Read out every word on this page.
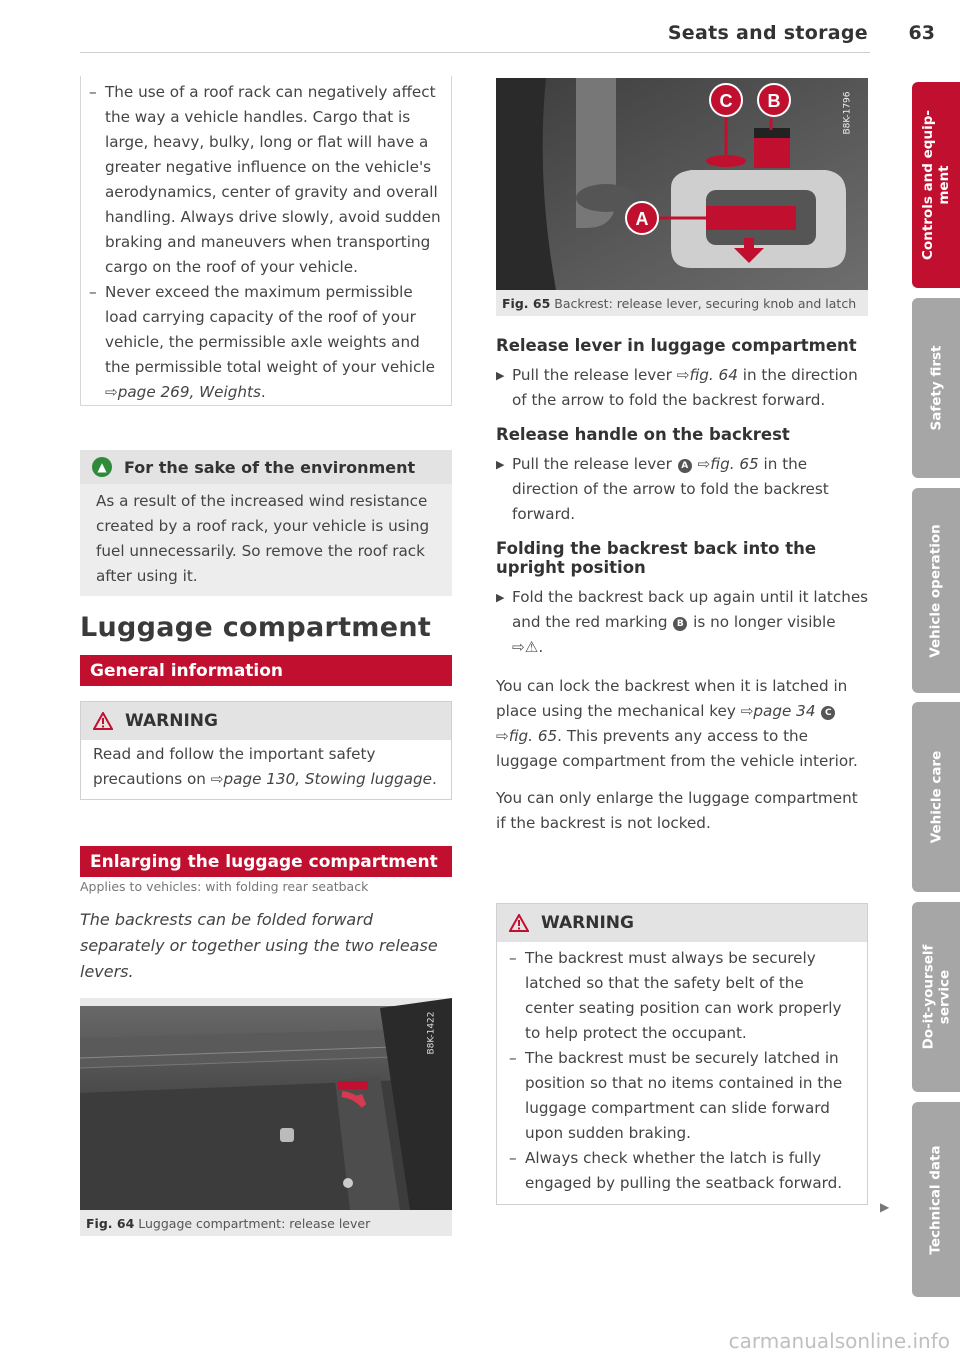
Seats and storage 63
– The use of a roof rack can negatively affect the way a vehicle handles. Cargo that is large, heavy, bulky, long or flat will have a greater negative influence on the vehicle's aerodynamics, center of gravity and overall handling. Always drive slowly, avoid sudden braking and maneuvers when transporting cargo on the roof of your vehicle.
– Never exceed the maximum permissible load carrying capacity of the roof of your vehicle, the permissible axle weights and the permissible total weight of your vehicle ⇨page 269, Weights.
▲ For the sake of the environment
As a result of the increased wind resistance created by a roof rack, your vehicle is using fuel unnecessarily. So remove the roof rack after using it.
Luggage compartment
General information
WARNING
Read and follow the important safety precautions on ⇨page 130, Stowing luggage.
Enlarging the luggage compartment
Applies to vehicles: with folding rear seatback
The backrests can be folded forward separately or together using the two release levers.
B8K-1422
Fig. 64 Luggage compartment: release lever
C B
A
B8K-1796
Fig. 65 Backrest: release lever, securing knob and latch
Release lever in luggage compartment
▶ Pull the release lever ⇨fig. 64 in the direction of the arrow to fold the backrest forward.
Release handle on the backrest
▶ Pull the release lever A ⇨fig. 65 in the direction of the arrow to fold the backrest forward.
Folding the backrest back into the upright position
▶ Fold the backrest back up again until it latches and the red marking B is no longer visible ⇨⚠.
You can lock the backrest when it is latched in place using the mechanical key ⇨page 34 C ⇨fig. 65. This prevents any access to the luggage compartment from the vehicle interior.
You can only enlarge the luggage compartment if the backrest is not locked.
WARNING
– The backrest must always be securely latched so that the safety belt of the center seating position can work properly to help protect the occupant.
– The backrest must be securely latched in position so that no items contained in the luggage compartment can slide forward upon sudden braking.
– Always check whether the latch is fully engaged by pulling the seatback forward.
▶
Controls and equip-
ment
Safety first
Vehicle operation
Vehicle care
Do-it-yourself
service
Technical data
carmanualsonline.info
